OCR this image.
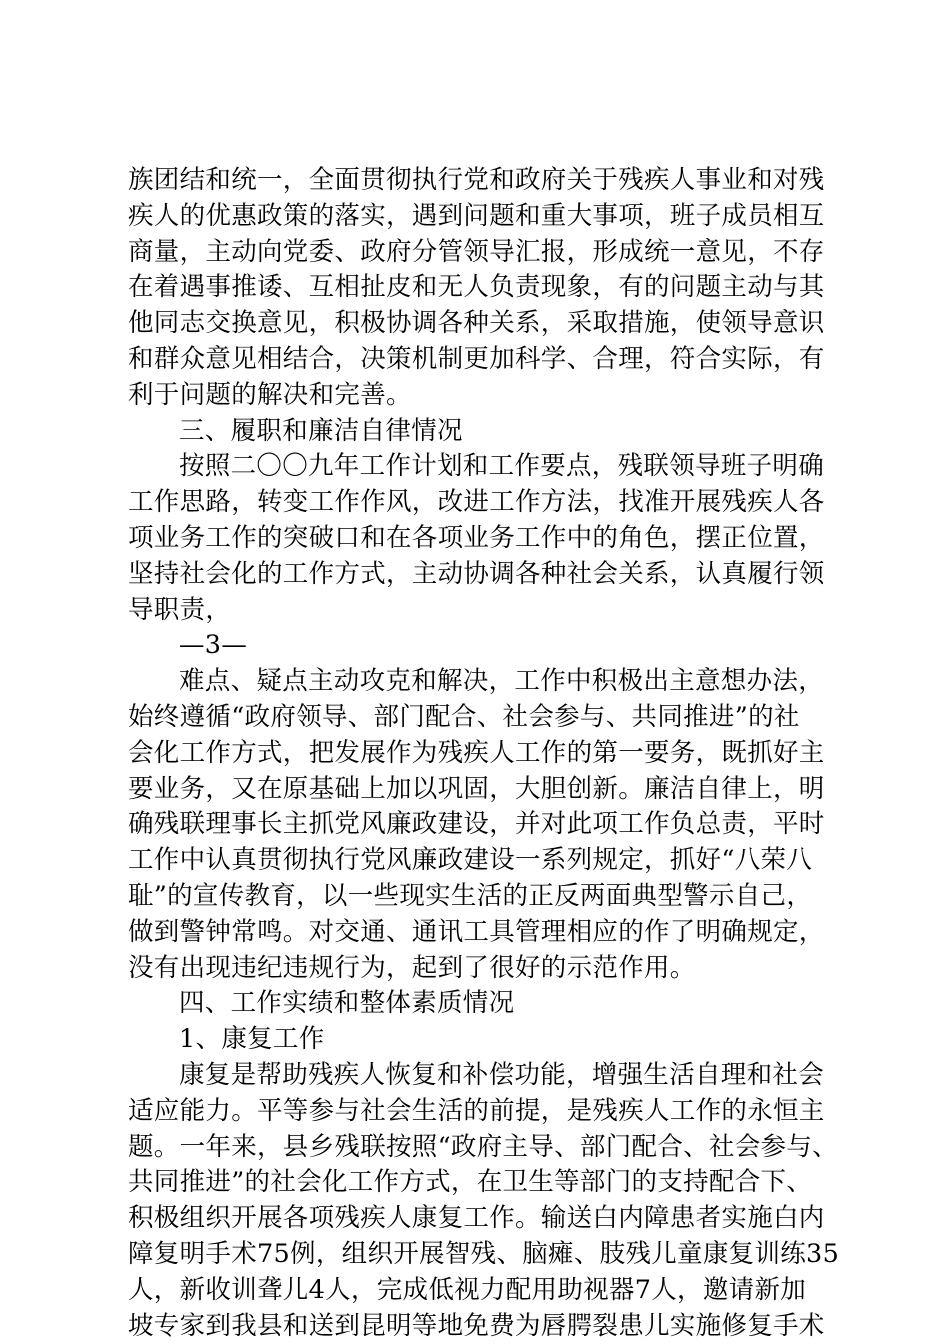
族团结和统一，全面贯彻执行党和政府关于残疾人事业和对残
疾人的优惠政策的落实，遇到问题和重大事项，班子成员相互
商量，主动向党委、政府分管领导汇报，形成统一意见，不存
在着遇事推诿、互相扯皮和无人负责现象，有的问题主动与其
他同志交换意见，积极协调各种关系，采取措施，使领导意识
和群众意见相结合，决策机制更加科学、合理，符合实际，有
利于问题的解决和完善。
三、履职和廉洁自律情况
按照二〇〇九年工作计划和工作要点，残联领导班子明确
工作思路，转变工作作风，改进工作方法，找准开展残疾人各
项业务工作的突破口和在各项业务工作中的角色，摆正位置，
坚持社会化的工作方式，主动协调各种社会关系，认真履行领
导职责，
—3—
难点、疑点主动攻克和解决，工作中积极出主意想办法，
始终遵循“政府领导、部门配合、社会参与、共同推进”的社
会化工作方式，把发展作为残疾人工作的第一要务，既抓好主
要业务，又在原基础上加以巩固，大胆创新。廉洁自律上，明
确残联理事长主抓党风廉政建设，并对此项工作负总责，平时
工作中认真贯彻执行党风廉政建设一系列规定，抓好“八荣八
耻”的宣传教育，以一些现实生活的正反两面典型警示自己，
做到警钟常鸣。对交通、通讯工具管理相应的作了明确规定，
没有出现违纪违规行为，起到了很好的示范作用。
四、工作实绩和整体素质情况
1、康复工作
康复是帮助残疾人恢复和补偿功能，增强生活自理和社会
适应能力。平等参与社会生活的前提，是残疾人工作的永恒主
题。一年来，县乡残联按照“政府主导、部门配合、社会参与、
共同推进”的社会化工作方式，在卫生等部门的支持配合下、
积极组织开展各项残疾人康复工作。输送白内障患者实施白内
障复明手术75例，组织开展智残、脑瘫、肢残儿童康复训练35
人，新收训聋儿4人，完成低视力配用助视器7人，邀请新加
坡专家到我县和送到昆明等地免费为唇腭裂患儿实施修复手术
